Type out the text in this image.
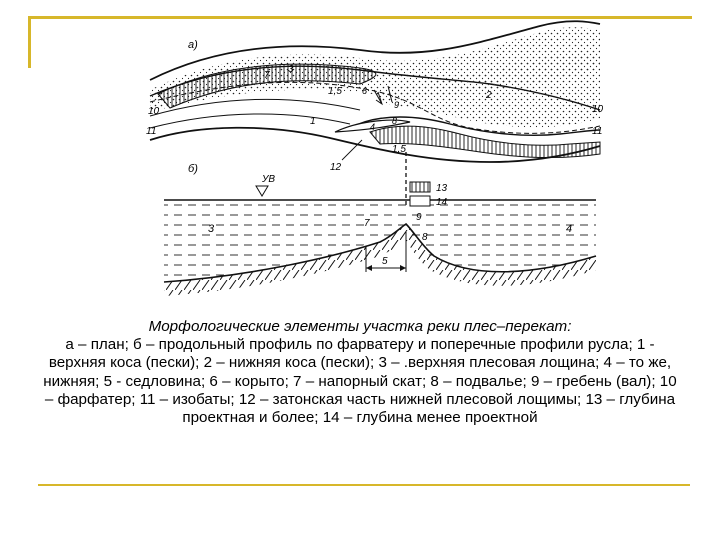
а)
7
3
1,5
1
2
10
11
10
11
6
9
4
8
1,5
12
б)
УВ
13
14
3	4
7
9
8
5
Морфологические элементы участка реки плес–перекат:
а – план; б – продольный профиль по фарватеру и поперечные профили русла; 1 - верхняя коса (пески); 2 – нижняя коса (пески); 3 – .верхняя плесовая лощина; 4 – то же, нижняя; 5 - седловина; 6 – корыто; 7 – напорный скат; 8 – подвалье; 9 – гребень (вал); 10 – фарфатер; 11 – изобаты; 12 – затонская часть нижней плесовой лощимы; 13 – глубина проектная и более; 14 – глубина менее проектной
